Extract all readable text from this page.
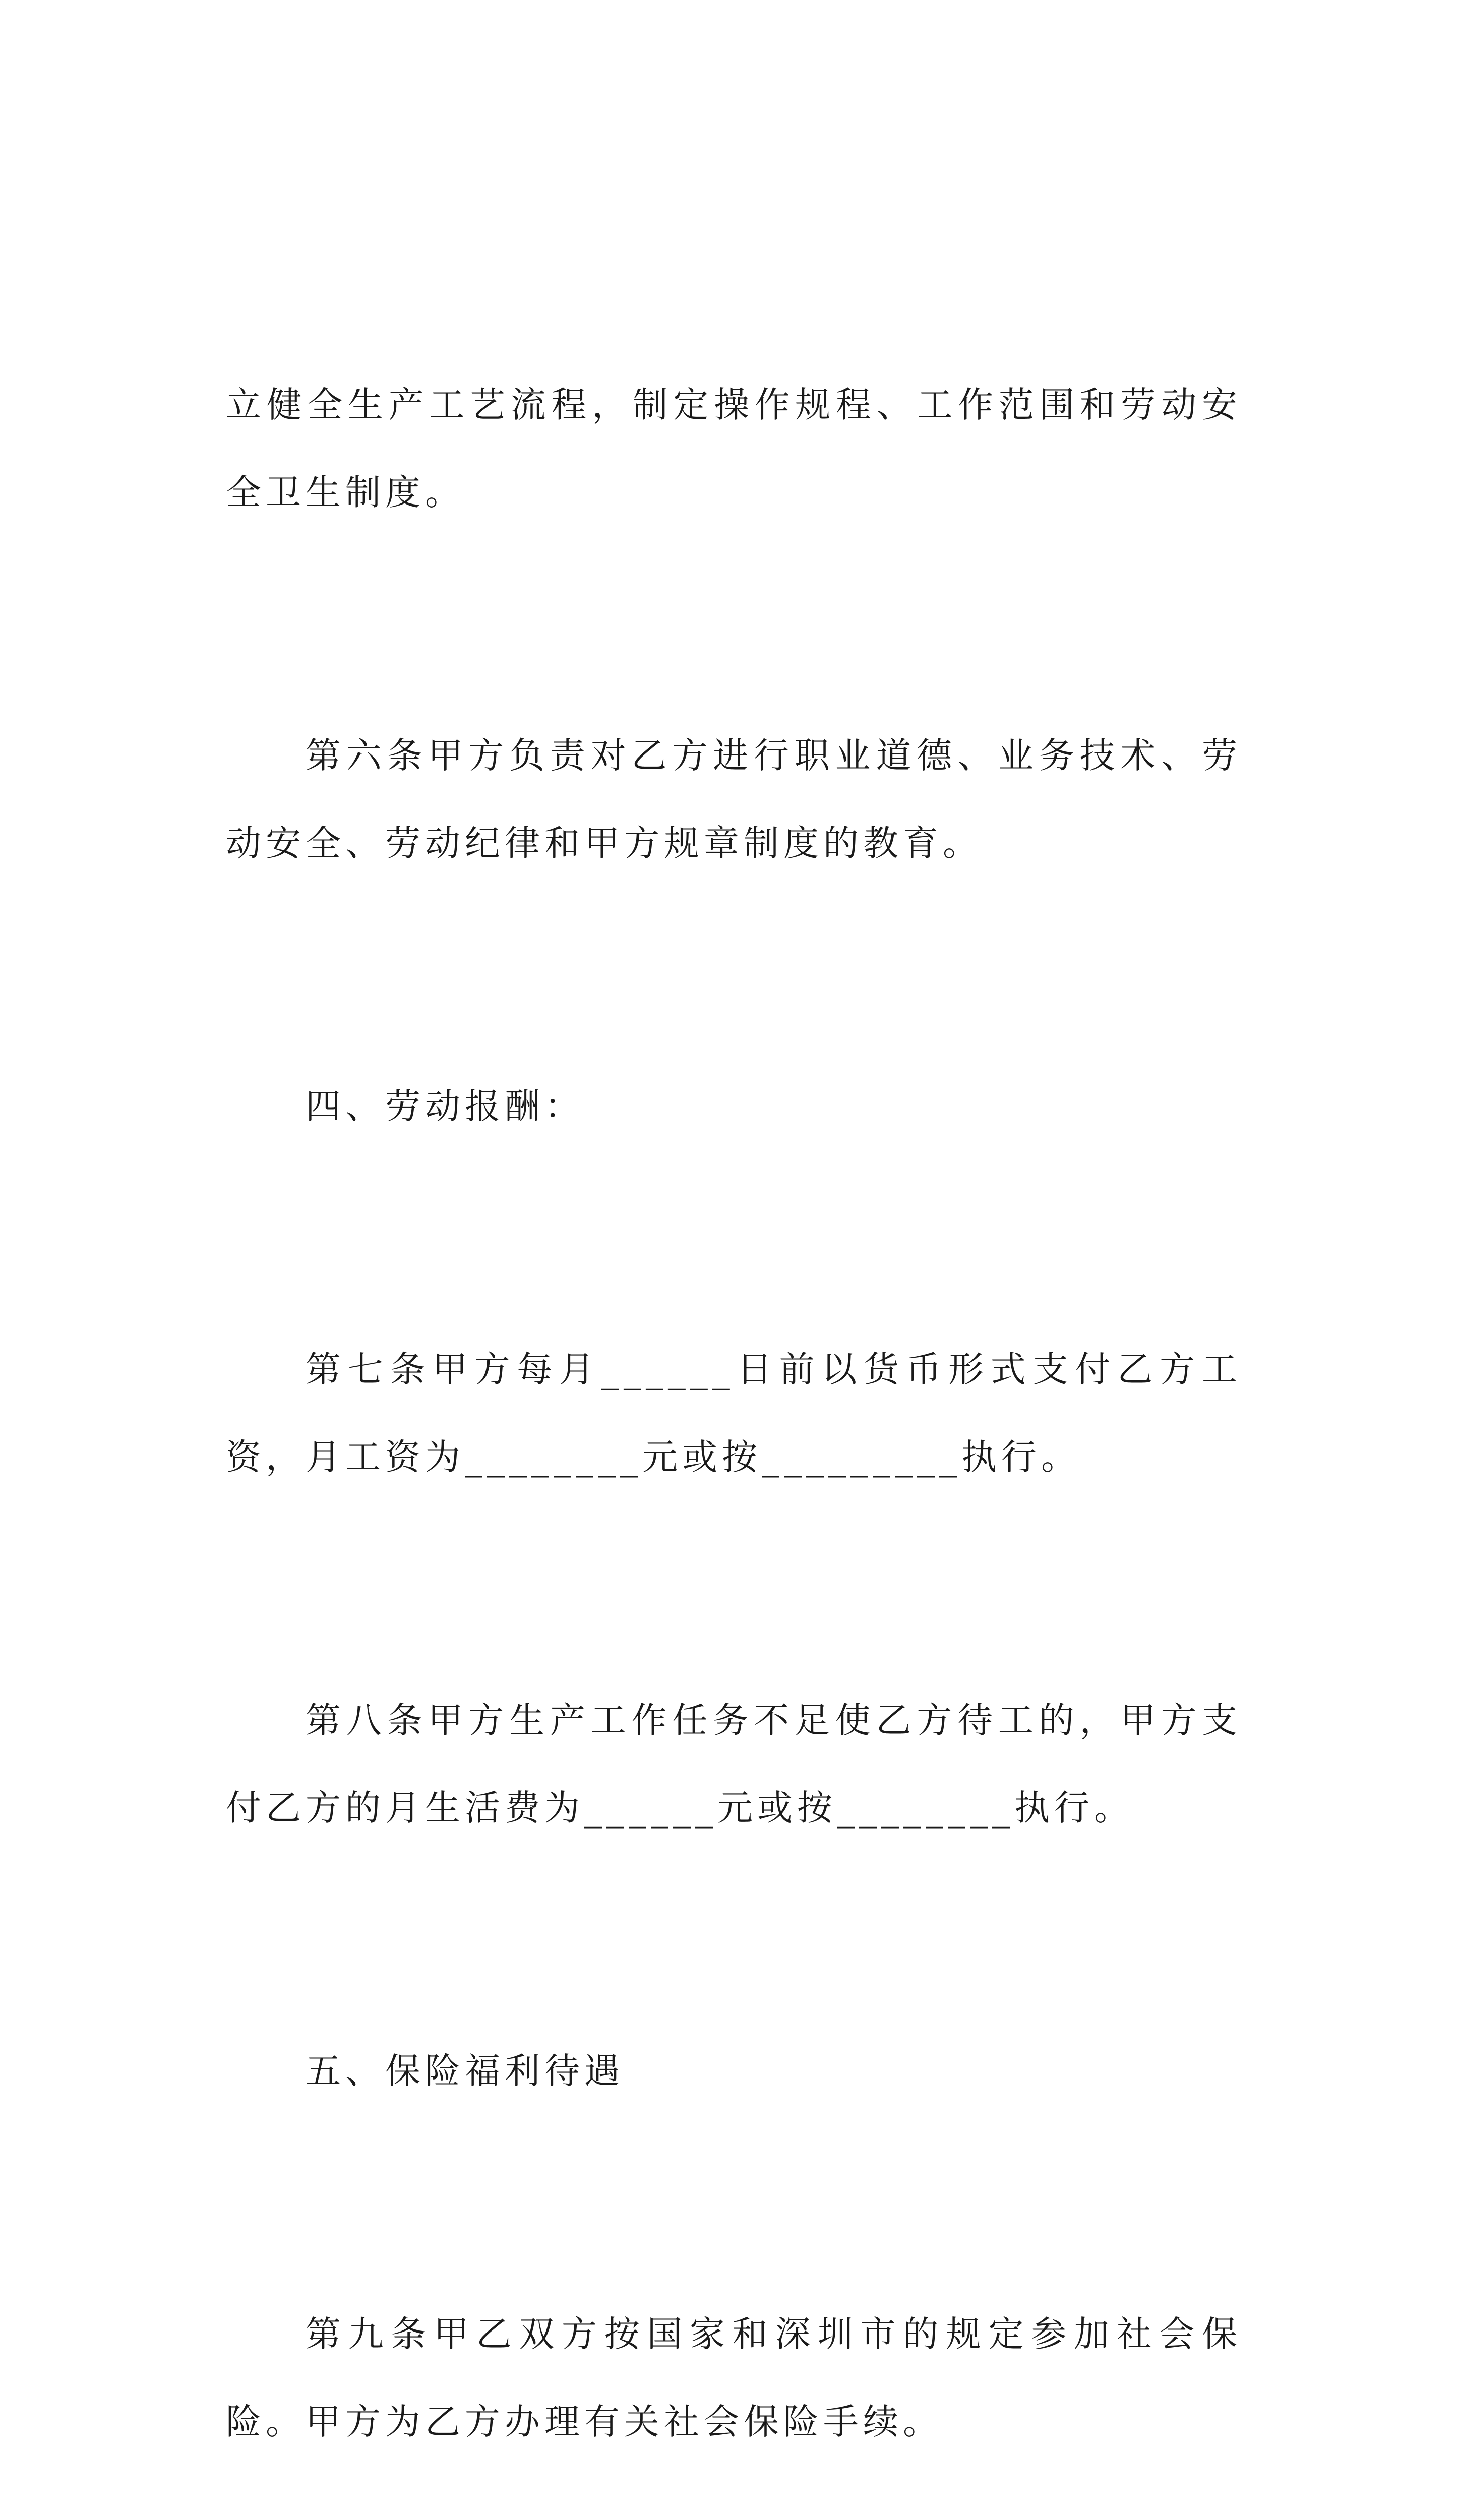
立健全生产工艺流程，制定操作规程、工作范围和劳动安全卫生制度。

第六条甲方负责对乙方进行职业道德、业务技术、劳动安全、劳动纪律和甲方规章制度的教育。

四、劳动报酬：

第七条甲方每月______日前以货币形式支付乙方工资，月工资为________元或按_________执行。

第八条甲方生产工作任务不足使乙方待工的，甲方支付乙方的月生活费为______元或按________执行。

五、保险福利待遇

第九条甲乙双方按国家和深圳市的规定参加社会保险。甲方为乙方办理有关社会保险手续。
